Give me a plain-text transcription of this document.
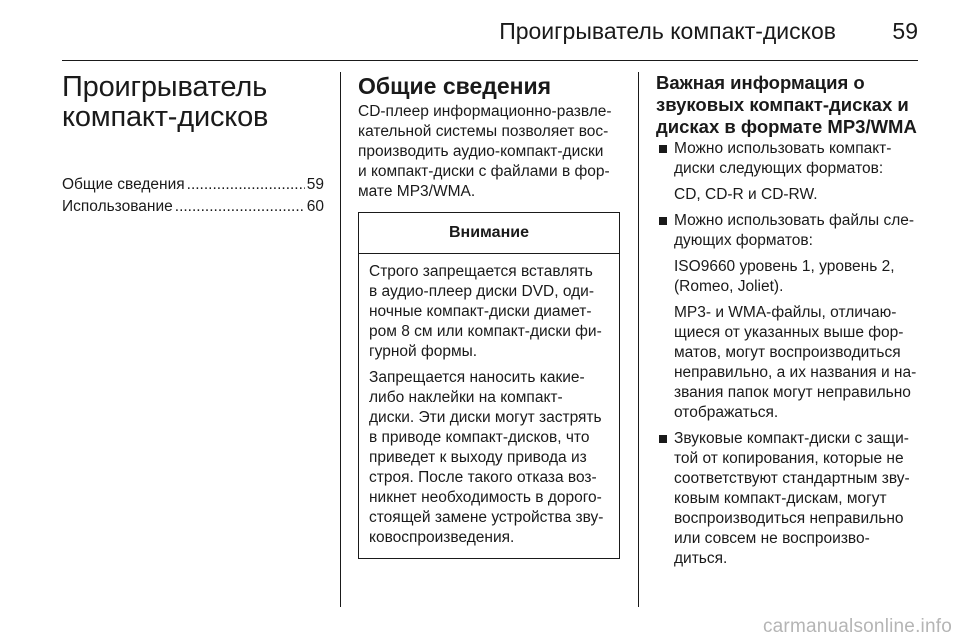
Проигрыватель компакт-дисков 59
Проигрыватель
компакт-дисков
Общие сведения .....	59
Использование .....	60
Общие сведения

CD-плеер информационно-развле-
кательной системы позволяет вос-
производить аудио-компакт-диски
и компакт-диски с файлами в фор-
мате MP3/WMA.

Внимание

Строго запрещается вставлять
в аудио-плеер диски DVD, оди-
ночные компакт-диски диамет-
ром 8 см или компакт-диски фи-
гурной формы.

Запрещается наносить какие-
либо наклейки на компакт-
диски. Эти диски могут застрять
в приводе компакт-дисков, что
приведет к выходу привода из
строя. После такого отказа воз-
никнет необходимость в дорого-
стоящей замене устройства зву-
ковоспроизведения.

Важная информация о
звуковых компакт-дисках и
дисках в формате MP3/WMA

Можно использовать компакт-
диски следующих форматов:

CD, CD-R и CD-RW.

Можно использовать файлы сле-
дующих форматов:

ISO9660 уровень 1, уровень 2,
(Romeo, Joliet).

MP3- и WMA-файлы, отличаю-
щиеся от указанных выше фор-
матов, могут воспроизводиться
неправильно, а их названия и на-
звания папок могут неправильно
отображаться.

Звуковые компакт-диски с защи-
той от копирования, которые не
соответствуют стандартным зву-
ковым компакт-дискам, могут
воспроизводиться неправильно
или совсем не воспроизво-
диться.

carmanualsonline.info
